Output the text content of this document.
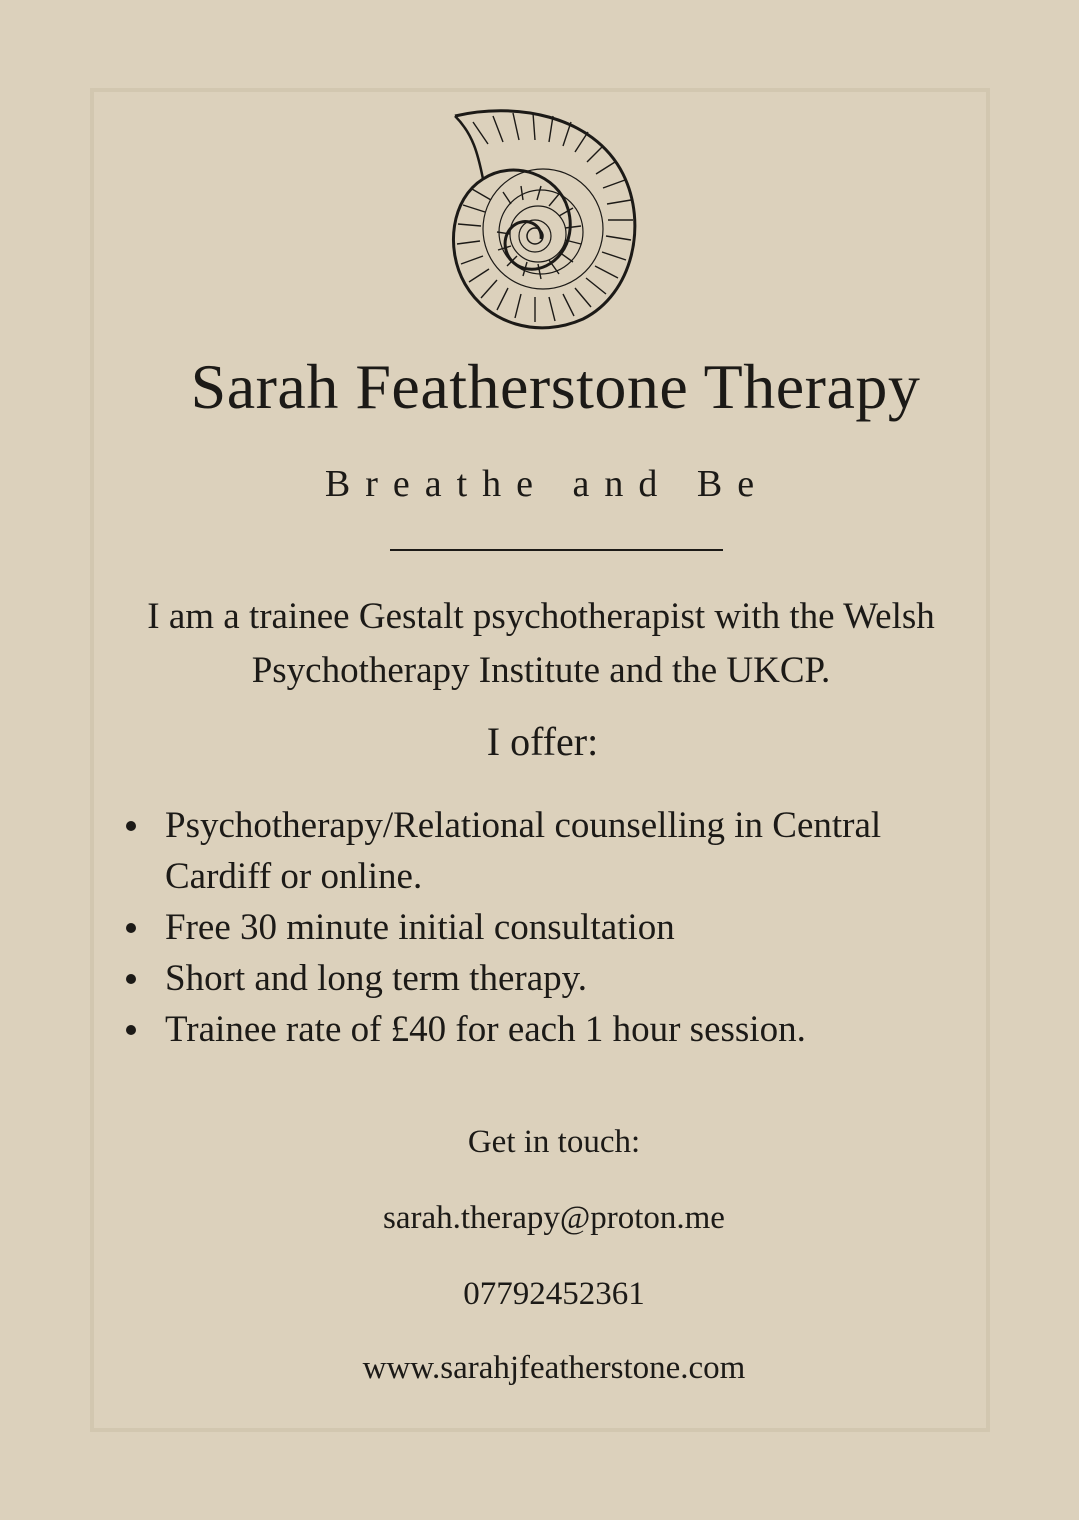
Sarah Featherstone Therapy
Breathe and Be
I am a trainee Gestalt psychotherapist with the Welsh Psychotherapy Institute and the UKCP.
I offer:
Psychotherapy/Relational counselling in Central Cardiff or online.
Free 30 minute initial consultation
Short and long term therapy.
Trainee rate of £40 for each 1 hour session.
Get in touch:
sarah.therapy@proton.me
07792452361
www.sarahjfeatherstone.com
